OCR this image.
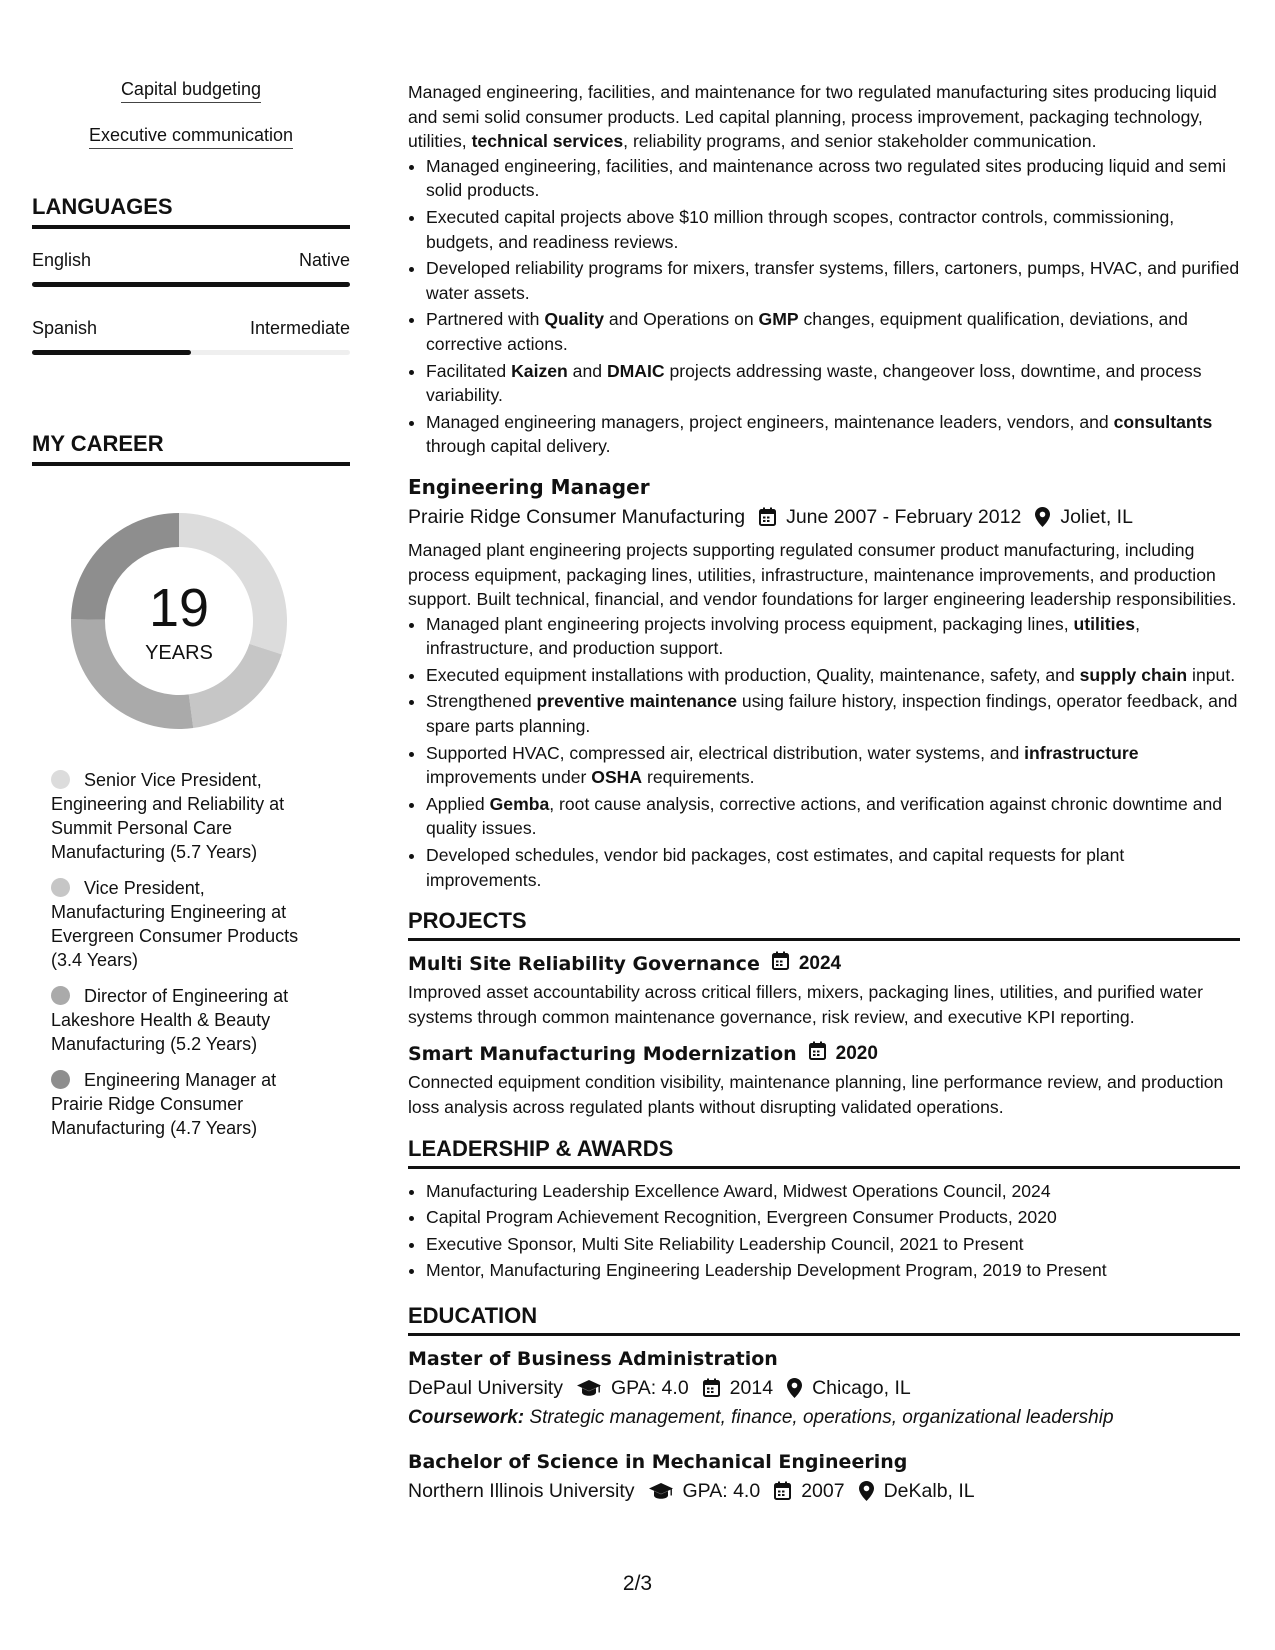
Capital budgeting
Executive communication
LANGUAGES
English	Native
Spanish	Intermediate
MY CAREER
19
YEARS
Senior Vice President, Engineering and Reliability at Summit Personal Care Manufacturing (5.7 Years)
Vice President, Manufacturing Engineering at Evergreen Consumer Products (3.4 Years)
Director of Engineering at Lakeshore Health & Beauty Manufacturing (5.2 Years)
Engineering Manager at Prairie Ridge Consumer Manufacturing (4.7 Years)

Managed engineering, facilities, and maintenance for two regulated manufacturing sites producing liquid and semi solid consumer products. Led capital planning, process improvement, packaging technology, utilities, technical services, reliability programs, and senior stakeholder communication.

• Managed engineering, facilities, and maintenance across two regulated sites producing liquid and semi solid products.
• Executed capital projects above $10 million through scopes, contractor controls, commissioning, budgets, and readiness reviews.
• Developed reliability programs for mixers, transfer systems, fillers, cartoners, pumps, HVAC, and purified water assets.
• Partnered with Quality and Operations on GMP changes, equipment qualification, deviations, and corrective actions.
• Facilitated Kaizen and DMAIC projects addressing waste, changeover loss, downtime, and process variability.
• Managed engineering managers, project engineers, maintenance leaders, vendors, and consultants through capital delivery.
Engineering Manager
Prairie Ridge Consumer Manufacturing June 2007 - February 2012 Joliet, IL

Managed plant engineering projects supporting regulated consumer product manufacturing, including process equipment, packaging lines, utilities, infrastructure, maintenance improvements, and production support. Built technical, financial, and vendor foundations for larger engineering leadership responsibilities.

• Managed plant engineering projects involving process equipment, packaging lines, utilities, infrastructure, and production support.
• Executed equipment installations with production, Quality, maintenance, safety, and supply chain input.
• Strengthened preventive maintenance using failure history, inspection findings, operator feedback, and spare parts planning.
• Supported HVAC, compressed air, electrical distribution, water systems, and infrastructure improvements under OSHA requirements.
• Applied Gemba, root cause analysis, corrective actions, and verification against chronic downtime and quality issues.
• Developed schedules, vendor bid packages, cost estimates, and capital requests for plant improvements.
PROJECTS
Multi Site Reliability Governance 2024

Improved asset accountability across critical fillers, mixers, packaging lines, utilities, and purified water systems through common maintenance governance, risk review, and executive KPI reporting.

Smart Manufacturing Modernization 2020

Connected equipment condition visibility, maintenance planning, line performance review, and production loss analysis across regulated plants without disrupting validated operations.

LEADERSHIP & AWARDS
• Manufacturing Leadership Excellence Award, Midwest Operations Council, 2024
• Capital Program Achievement Recognition, Evergreen Consumer Products, 2020
• Executive Sponsor, Multi Site Reliability Leadership Council, 2021 to Present
• Mentor, Manufacturing Engineering Leadership Development Program, 2019 to Present
EDUCATION
Master of Business Administration
DePaul University GPA: 4.0 2014 Chicago, IL
Coursework: Strategic management, finance, operations, organizational leadership
Bachelor of Science in Mechanical Engineering
Northern Illinois University GPA: 4.0 2007 DeKalb, IL
2/3
